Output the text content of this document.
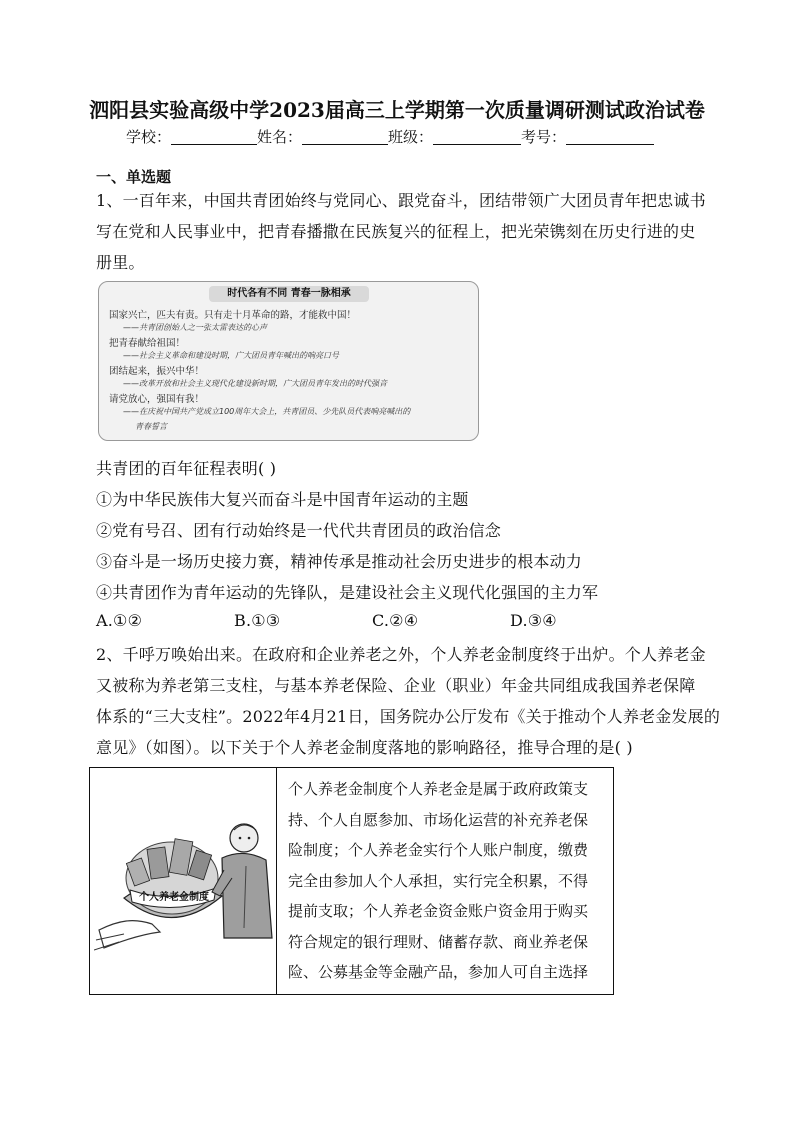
泗阳县实验高级中学2023届高三上学期第一次质量调研测试政治试卷
学校：	姓名：	班级：	考号：
一、单选题
1、一百年来，中国共青团始终与党同心、跟党奋斗，团结带领广大团员青年把忠诚书
写在党和人民事业中，把青春播撒在民族复兴的征程上，把光荣镌刻在历史行进的史
册里。
时代各有不同 青春一脉相承
国家兴亡，匹夫有责。只有走十月革命的路，才能救中国！
——共青团创始人之一张太雷表达的心声
把青春献给祖国！
——社会主义革命和建设时期，广大团员青年喊出的响亮口号
团结起来，振兴中华！
——改革开放和社会主义现代化建设新时期，广大团员青年发出的时代强音
请党放心，强国有我！
——在庆祝中国共产党成立100周年大会上，共青团员、少先队员代表响亮喊出的
青春誓言
共青团的百年征程表明( )
①为中华民族伟大复兴而奋斗是中国青年运动的主题
②党有号召、团有行动始终是一代代共青团员的政治信念
③奋斗是一场历史接力赛，精神传承是推动社会历史进步的根本动力
④共青团作为青年运动的先锋队，是建设社会主义现代化强国的主力军
A.①②	B.①③	C.②④	D.③④
2、千呼万唤始出来。在政府和企业养老之外，个人养老金制度终于出炉。个人养老金
又被称为养老第三支柱，与基本养老保险、企业（职业）年金共同组成我国养老保障
体系的“三大支柱”。2022年4月21日，国务院办公厅发布《关于推动个人养老金发展的
意见》（如图）。以下关于个人养老金制度落地的影响路径，推导合理的是( )
个人养老金制度
个人养老金制度个人养老金是属于政府政策支
持、个人自愿参加、市场化运营的补充养老保
险制度；个人养老金实行个人账户制度，缴费
完全由参加人个人承担，实行完全积累，不得
提前支取；个人养老金资金账户资金用于购买
符合规定的银行理财、储蓄存款、商业养老保
险、公募基金等金融产品，参加人可自主选择
